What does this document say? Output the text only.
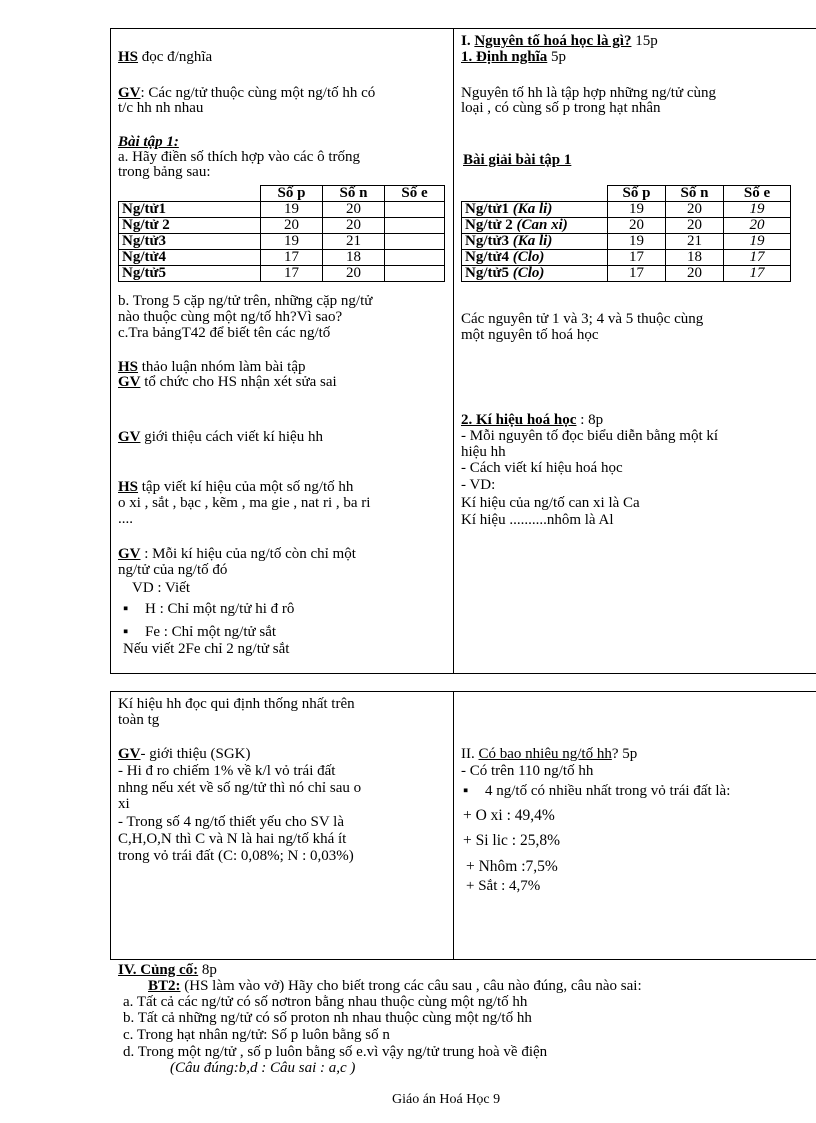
HS đọc đ/nghĩa
GV: Các ng/tử thuộc cùng một ng/tố hh có
t/c hh nh nhau
Bài tập 1:
a. Hãy điền số thích hợp vào các ô trống
trong bảng sau:
	Số p	Số n	Số e
Ng/tử1	19	20	
Ng/tử 2	20	20	
Ng/tử3	19	21	
Ng/tử4	17	18	
Ng/tử5	17	20	
b. Trong 5 cặp ng/tử trên, những cặp ng/tử
nào thuộc cùng một ng/tố hh?Vì sao?
c.Tra bảngT42 để biết tên các ng/tố
HS thảo luận nhóm làm bài tập
GV tổ chức cho HS nhận xét sửa sai
GV giới thiệu cách viết kí hiệu hh
HS tập viết kí hiệu của một số ng/tố hh
o xi , sắt , bạc , kẽm , ma gie , nat ri , ba ri
....
GV : Mỗi kí hiệu của ng/tố còn chỉ một
ng/tử của ng/tố đó
VD : Viết
▪ H : Chỉ một ng/tử hi đ rô
▪ Fe : Chỉ một ng/tử sắt
Nếu viết 2Fe chỉ 2 ng/tử sắt
I. Nguyên tố hoá học là gì? 15p
1. Định nghĩa 5p
Nguyên tố hh là tập hợp những ng/tử cùng
loại , có cùng số p trong hạt nhân
Bài giải bài tập 1
	Số p	Số n	Số e
Ng/tử1 (Ka li)	19	20	19
Ng/tử 2 (Can xi)	20	20	20
Ng/tử3 (Ka li)	19	21	19
Ng/tử4 (Clo)	17	18	17
Ng/tử5 (Clo)	17	20	17
Các nguyên tử 1 và 3; 4 và 5 thuộc cùng
một nguyên tố hoá học
2. Kí hiệu hoá học : 8p
- Mỗi nguyên tố đọc biểu diễn bằng một kí
hiệu hh
- Cách viết kí hiệu hoá học
- VD:
Kí hiệu của ng/tố can xi là Ca
Kí hiệu ..........nhôm là Al
Kí hiệu hh đọc qui định thống nhất trên
toàn tg
GV- giới thiệu (SGK)
- Hi đ ro chiếm 1% về k/l vỏ trái đất
nhng nếu xét về số ng/tử thì nó chỉ sau o
xi
- Trong số 4 ng/tố thiết yếu cho SV là
C,H,O,N thì C và N là hai ng/tố khá ít
trong vỏ trái đất (C: 0,08%; N : 0,03%)
II. Có bao nhiêu ng/tố hh? 5p
- Có trên 110 ng/tố hh
▪ 4 ng/tố có nhiều nhất trong vỏ trái đất là:
+ O xi : 49,4%
+ Si lic : 25,8%
+ Nhôm :7,5%
+ Sắt : 4,7%
IV. Củng cố: 8p
BT2: (HS làm vào vở) Hãy cho biết trong các câu sau , câu nào đúng, câu nào sai:
a. Tất cả các ng/tử có số nơtron bằng nhau thuộc cùng một ng/tố hh
b. Tất cả những ng/tử có số proton nh nhau thuộc cùng một ng/tố hh
c. Trong hạt nhân ng/tử: Số p luôn bằng số n
d. Trong một ng/tử , số p luôn bằng số e.vì vậy ng/tử trung hoà về điện
(Câu đúng:b,d : Câu sai : a,c )
Giáo án Hoá Học 9
